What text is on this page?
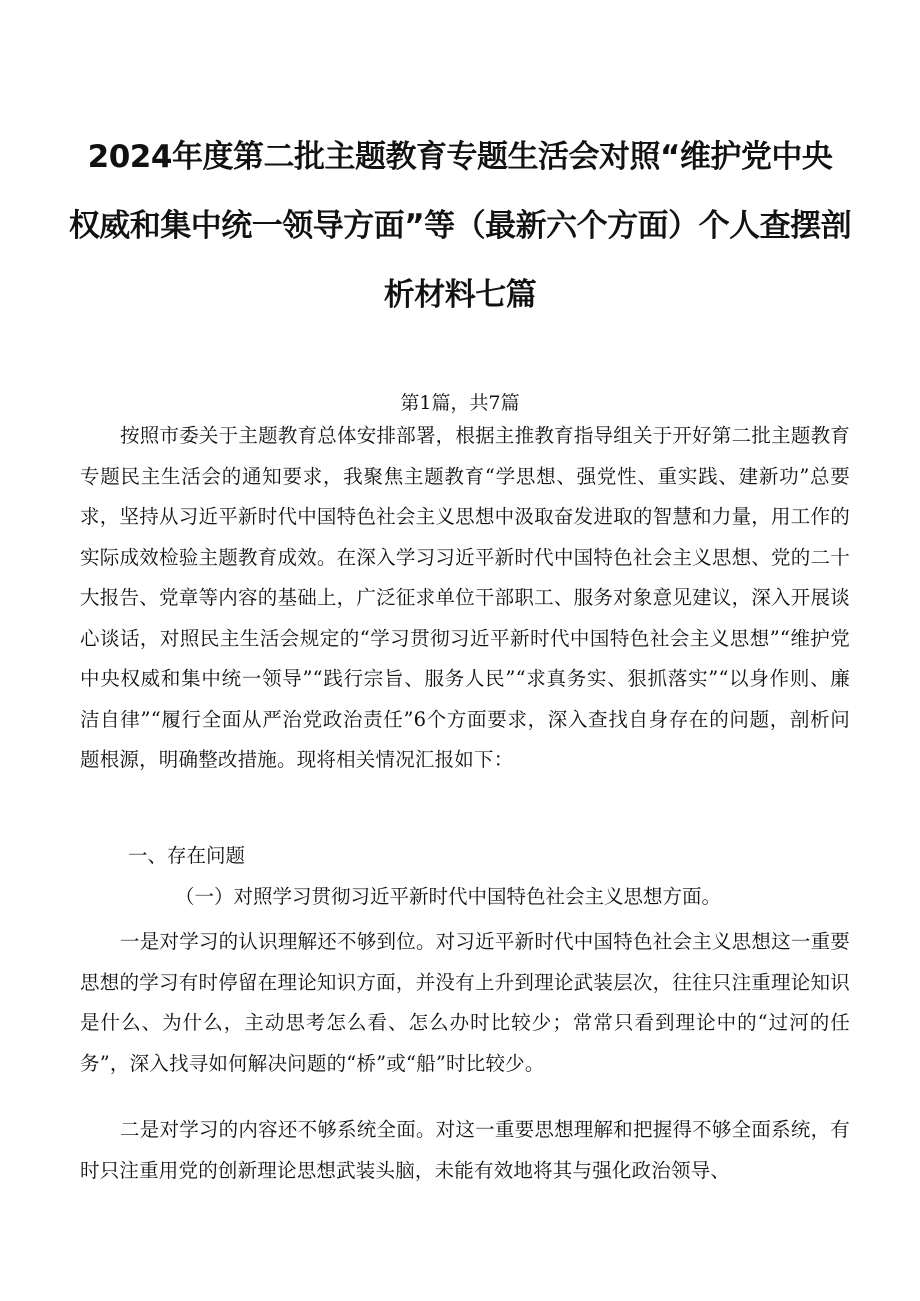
2024年度第二批主题教育专题生活会对照“维护党中央
权威和集中统一领导方面”等（最新六个方面）个人查摆剖
析材料七篇
第1篇，共7篇

按照市委关于主题教育总体安排部署，根据主推教育指导组关于开好第二批主题教育专题民主生活会的通知要求，我聚焦主题教育“学思想、强党性、重实践、建新功”总要求，坚持从习近平新时代中国特色社会主义思想中汲取奋发进取的智慧和力量，用工作的实际成效检验主题教育成效。在深入学习习近平新时代中国特色社会主义思想、党的二十大报告、党章等内容的基础上，广泛征求单位干部职工、服务对象意见建议，深入开展谈心谈话，对照民主生活会规定的“学习贯彻习近平新时代中国特色社会主义思想”“维护党中央权威和集中统一领导”“践行宗旨、服务人民”“求真务实、狠抓落实”“以身作则、廉洁自律”“履行全面从严治党政治责任”6个方面要求，深入查找自身存在的问题，剖析问题根源，明确整改措施。现将相关情况汇报如下：

一、存在问题
（一）对照学习贯彻习近平新时代中国特色社会主义思想方面。

一是对学习的认识理解还不够到位。对习近平新时代中国特色社会主义思想这一重要思想的学习有时停留在理论知识方面，并没有上升到理论武装层次，往往只注重理论知识是什么、为什么，主动思考怎么看、怎么办时比较少；常常只看到理论中的“过河的任务”，深入找寻如何解决问题的“桥”或“船”时比较少。

二是对学习的内容还不够系统全面。对这一重要思想理解和把握得不够全面系统，有时只注重用党的创新理论思想武装头脑，未能有效地将其与强化政治领导、
